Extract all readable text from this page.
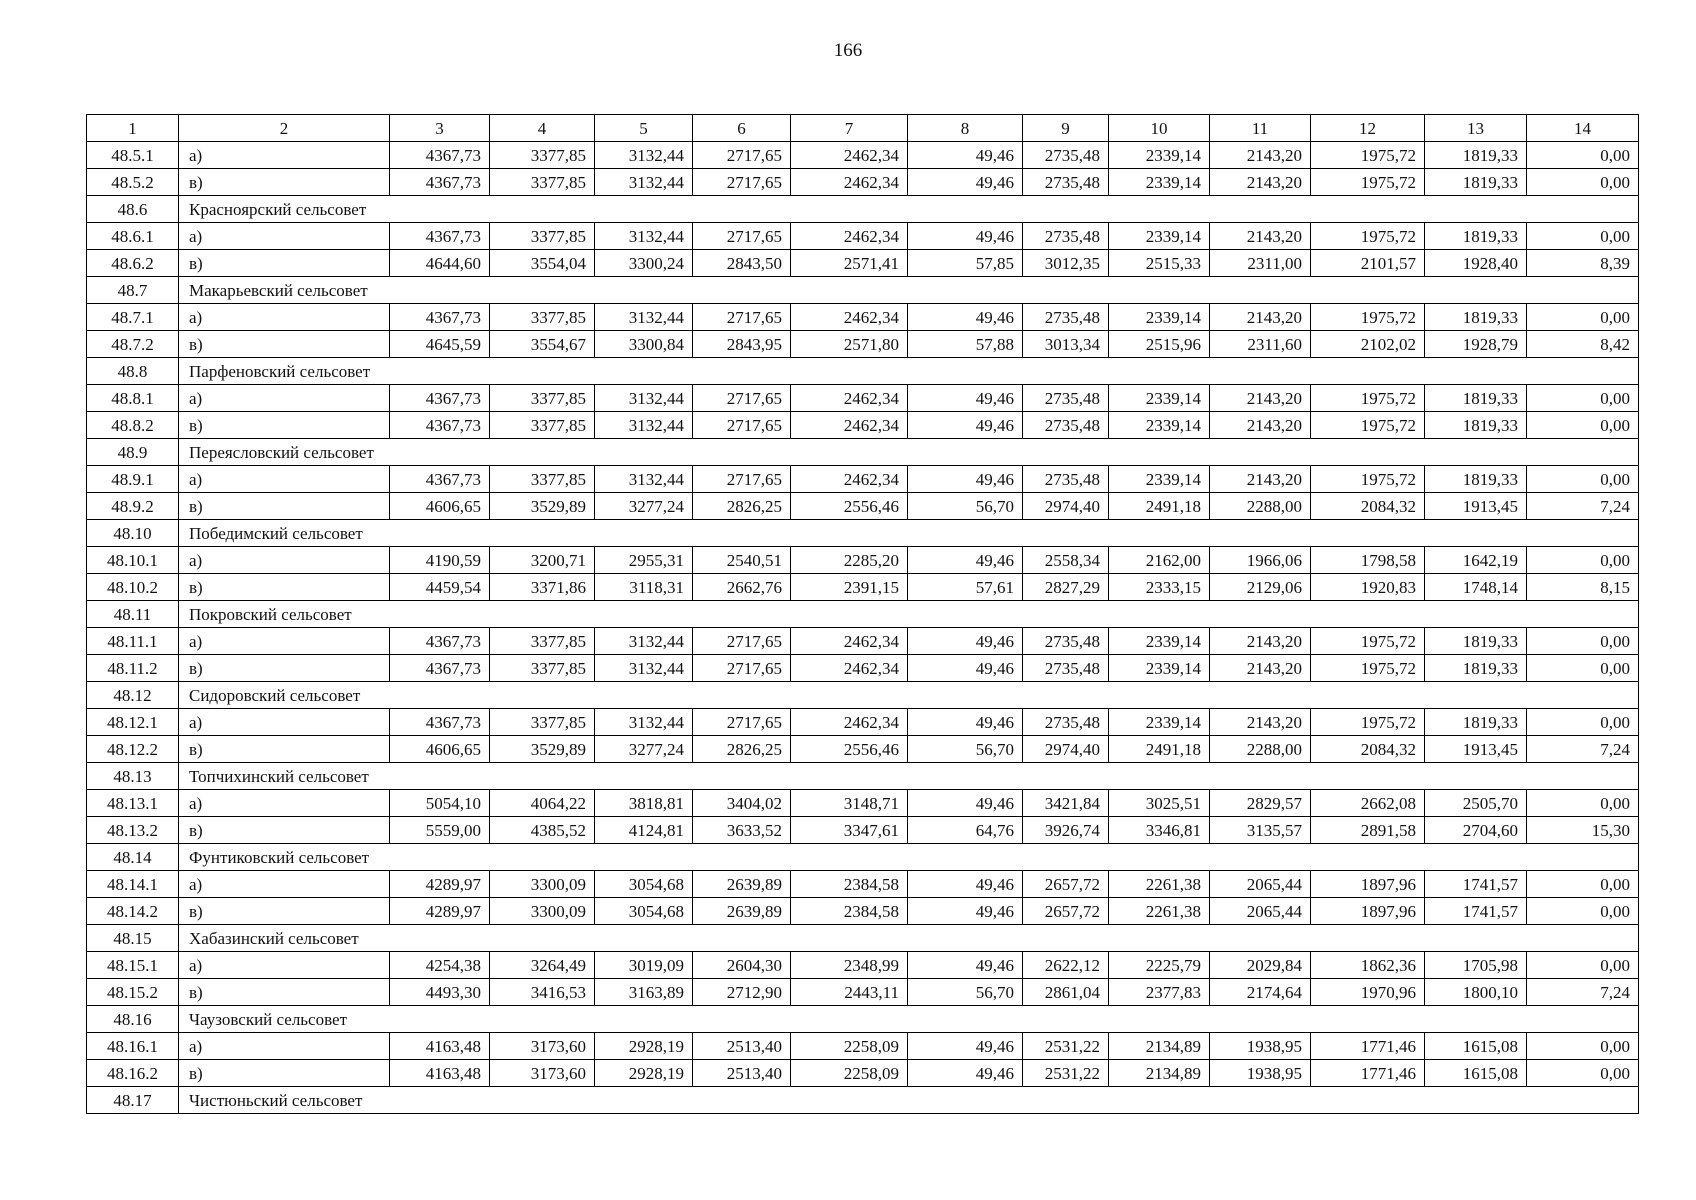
166
1	2	3	4	5	6	7	8	9	10	11	12	13	14
48.5.1	а)	4367,73	3377,85	3132,44	2717,65	2462,34	49,46	2735,48	2339,14	2143,20	1975,72	1819,33	0,00
48.5.2	в)	4367,73	3377,85	3132,44	2717,65	2462,34	49,46	2735,48	2339,14	2143,20	1975,72	1819,33	0,00
48.6	Красноярский сельсовет												
48.6.1	а)	4367,73	3377,85	3132,44	2717,65	2462,34	49,46	2735,48	2339,14	2143,20	1975,72	1819,33	0,00
48.6.2	в)	4644,60	3554,04	3300,24	2843,50	2571,41	57,85	3012,35	2515,33	2311,00	2101,57	1928,40	8,39
48.7	Макарьевский сельсовет												
48.7.1	а)	4367,73	3377,85	3132,44	2717,65	2462,34	49,46	2735,48	2339,14	2143,20	1975,72	1819,33	0,00
48.7.2	в)	4645,59	3554,67	3300,84	2843,95	2571,80	57,88	3013,34	2515,96	2311,60	2102,02	1928,79	8,42
48.8	Парфеновский сельсовет												
48.8.1	а)	4367,73	3377,85	3132,44	2717,65	2462,34	49,46	2735,48	2339,14	2143,20	1975,72	1819,33	0,00
48.8.2	в)	4367,73	3377,85	3132,44	2717,65	2462,34	49,46	2735,48	2339,14	2143,20	1975,72	1819,33	0,00
48.9	Переясловский сельсовет												
48.9.1	а)	4367,73	3377,85	3132,44	2717,65	2462,34	49,46	2735,48	2339,14	2143,20	1975,72	1819,33	0,00
48.9.2	в)	4606,65	3529,89	3277,24	2826,25	2556,46	56,70	2974,40	2491,18	2288,00	2084,32	1913,45	7,24
48.10	Победимский сельсовет												
48.10.1	а)	4190,59	3200,71	2955,31	2540,51	2285,20	49,46	2558,34	2162,00	1966,06	1798,58	1642,19	0,00
48.10.2	в)	4459,54	3371,86	3118,31	2662,76	2391,15	57,61	2827,29	2333,15	2129,06	1920,83	1748,14	8,15
48.11	Покровский сельсовет												
48.11.1	а)	4367,73	3377,85	3132,44	2717,65	2462,34	49,46	2735,48	2339,14	2143,20	1975,72	1819,33	0,00
48.11.2	в)	4367,73	3377,85	3132,44	2717,65	2462,34	49,46	2735,48	2339,14	2143,20	1975,72	1819,33	0,00
48.12	Сидоровский сельсовет												
48.12.1	а)	4367,73	3377,85	3132,44	2717,65	2462,34	49,46	2735,48	2339,14	2143,20	1975,72	1819,33	0,00
48.12.2	в)	4606,65	3529,89	3277,24	2826,25	2556,46	56,70	2974,40	2491,18	2288,00	2084,32	1913,45	7,24
48.13	Топчихинский сельсовет												
48.13.1	а)	5054,10	4064,22	3818,81	3404,02	3148,71	49,46	3421,84	3025,51	2829,57	2662,08	2505,70	0,00
48.13.2	в)	5559,00	4385,52	4124,81	3633,52	3347,61	64,76	3926,74	3346,81	3135,57	2891,58	2704,60	15,30
48.14	Фунтиковский сельсовет												
48.14.1	а)	4289,97	3300,09	3054,68	2639,89	2384,58	49,46	2657,72	2261,38	2065,44	1897,96	1741,57	0,00
48.14.2	в)	4289,97	3300,09	3054,68	2639,89	2384,58	49,46	2657,72	2261,38	2065,44	1897,96	1741,57	0,00
48.15	Хабазинский сельсовет												
48.15.1	а)	4254,38	3264,49	3019,09	2604,30	2348,99	49,46	2622,12	2225,79	2029,84	1862,36	1705,98	0,00
48.15.2	в)	4493,30	3416,53	3163,89	2712,90	2443,11	56,70	2861,04	2377,83	2174,64	1970,96	1800,10	7,24
48.16	Чаузовский сельсовет												
48.16.1	а)	4163,48	3173,60	2928,19	2513,40	2258,09	49,46	2531,22	2134,89	1938,95	1771,46	1615,08	0,00
48.16.2	в)	4163,48	3173,60	2928,19	2513,40	2258,09	49,46	2531,22	2134,89	1938,95	1771,46	1615,08	0,00
48.17	Чистюньский сельсовет												
